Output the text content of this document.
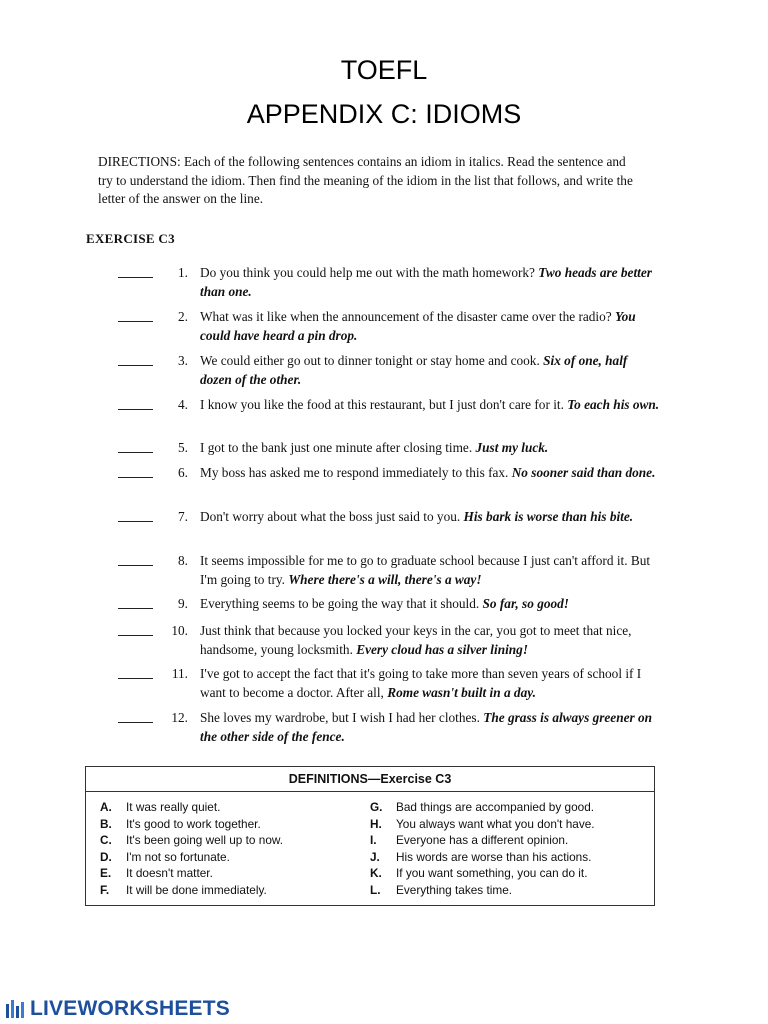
TOEFL
APPENDIX C: IDIOMS
DIRECTIONS: Each of the following sentences contains an idiom in italics. Read the sentence and try to understand the idiom. Then find the meaning of the idiom in the list that follows, and write the letter of the answer on the line.
EXERCISE C3
1. Do you think you could help me out with the math homework? Two heads are better than one.
2. What was it like when the announcement of the disaster came over the radio? You could have heard a pin drop.
3. We could either go out to dinner tonight or stay home and cook. Six of one, half dozen of the other.
4. I know you like the food at this restaurant, but I just don't care for it. To each his own.
5. I got to the bank just one minute after closing time. Just my luck.
6. My boss has asked me to respond immediately to this fax. No sooner said than done.
7. Don't worry about what the boss just said to you. His bark is worse than his bite.
8. It seems impossible for me to go to graduate school because I just can't afford it. But I'm going to try. Where there's a will, there's a way!
9. Everything seems to be going the way that it should. So far, so good!
10. Just think that because you locked your keys in the car, you got to meet that nice, handsome, young locksmith. Every cloud has a silver lining!
11. I've got to accept the fact that it's going to take more than seven years of school if I want to become a doctor. After all, Rome wasn't built in a day.
12. She loves my wardrobe, but I wish I had her clothes. The grass is always greener on the other side of the fence.
DEFINITIONS—Exercise C3
A. It was really quiet.
B. It's good to work together.
C. It's been going well up to now.
D. I'm not so fortunate.
E. It doesn't matter.
F. It will be done immediately.
G. Bad things are accompanied by good.
H. You always want what you don't have.
I. Everyone has a different opinion.
J. His words are worse than his actions.
K. If you want something, you can do it.
L. Everything takes time.
LIVEWORKSHEETS
